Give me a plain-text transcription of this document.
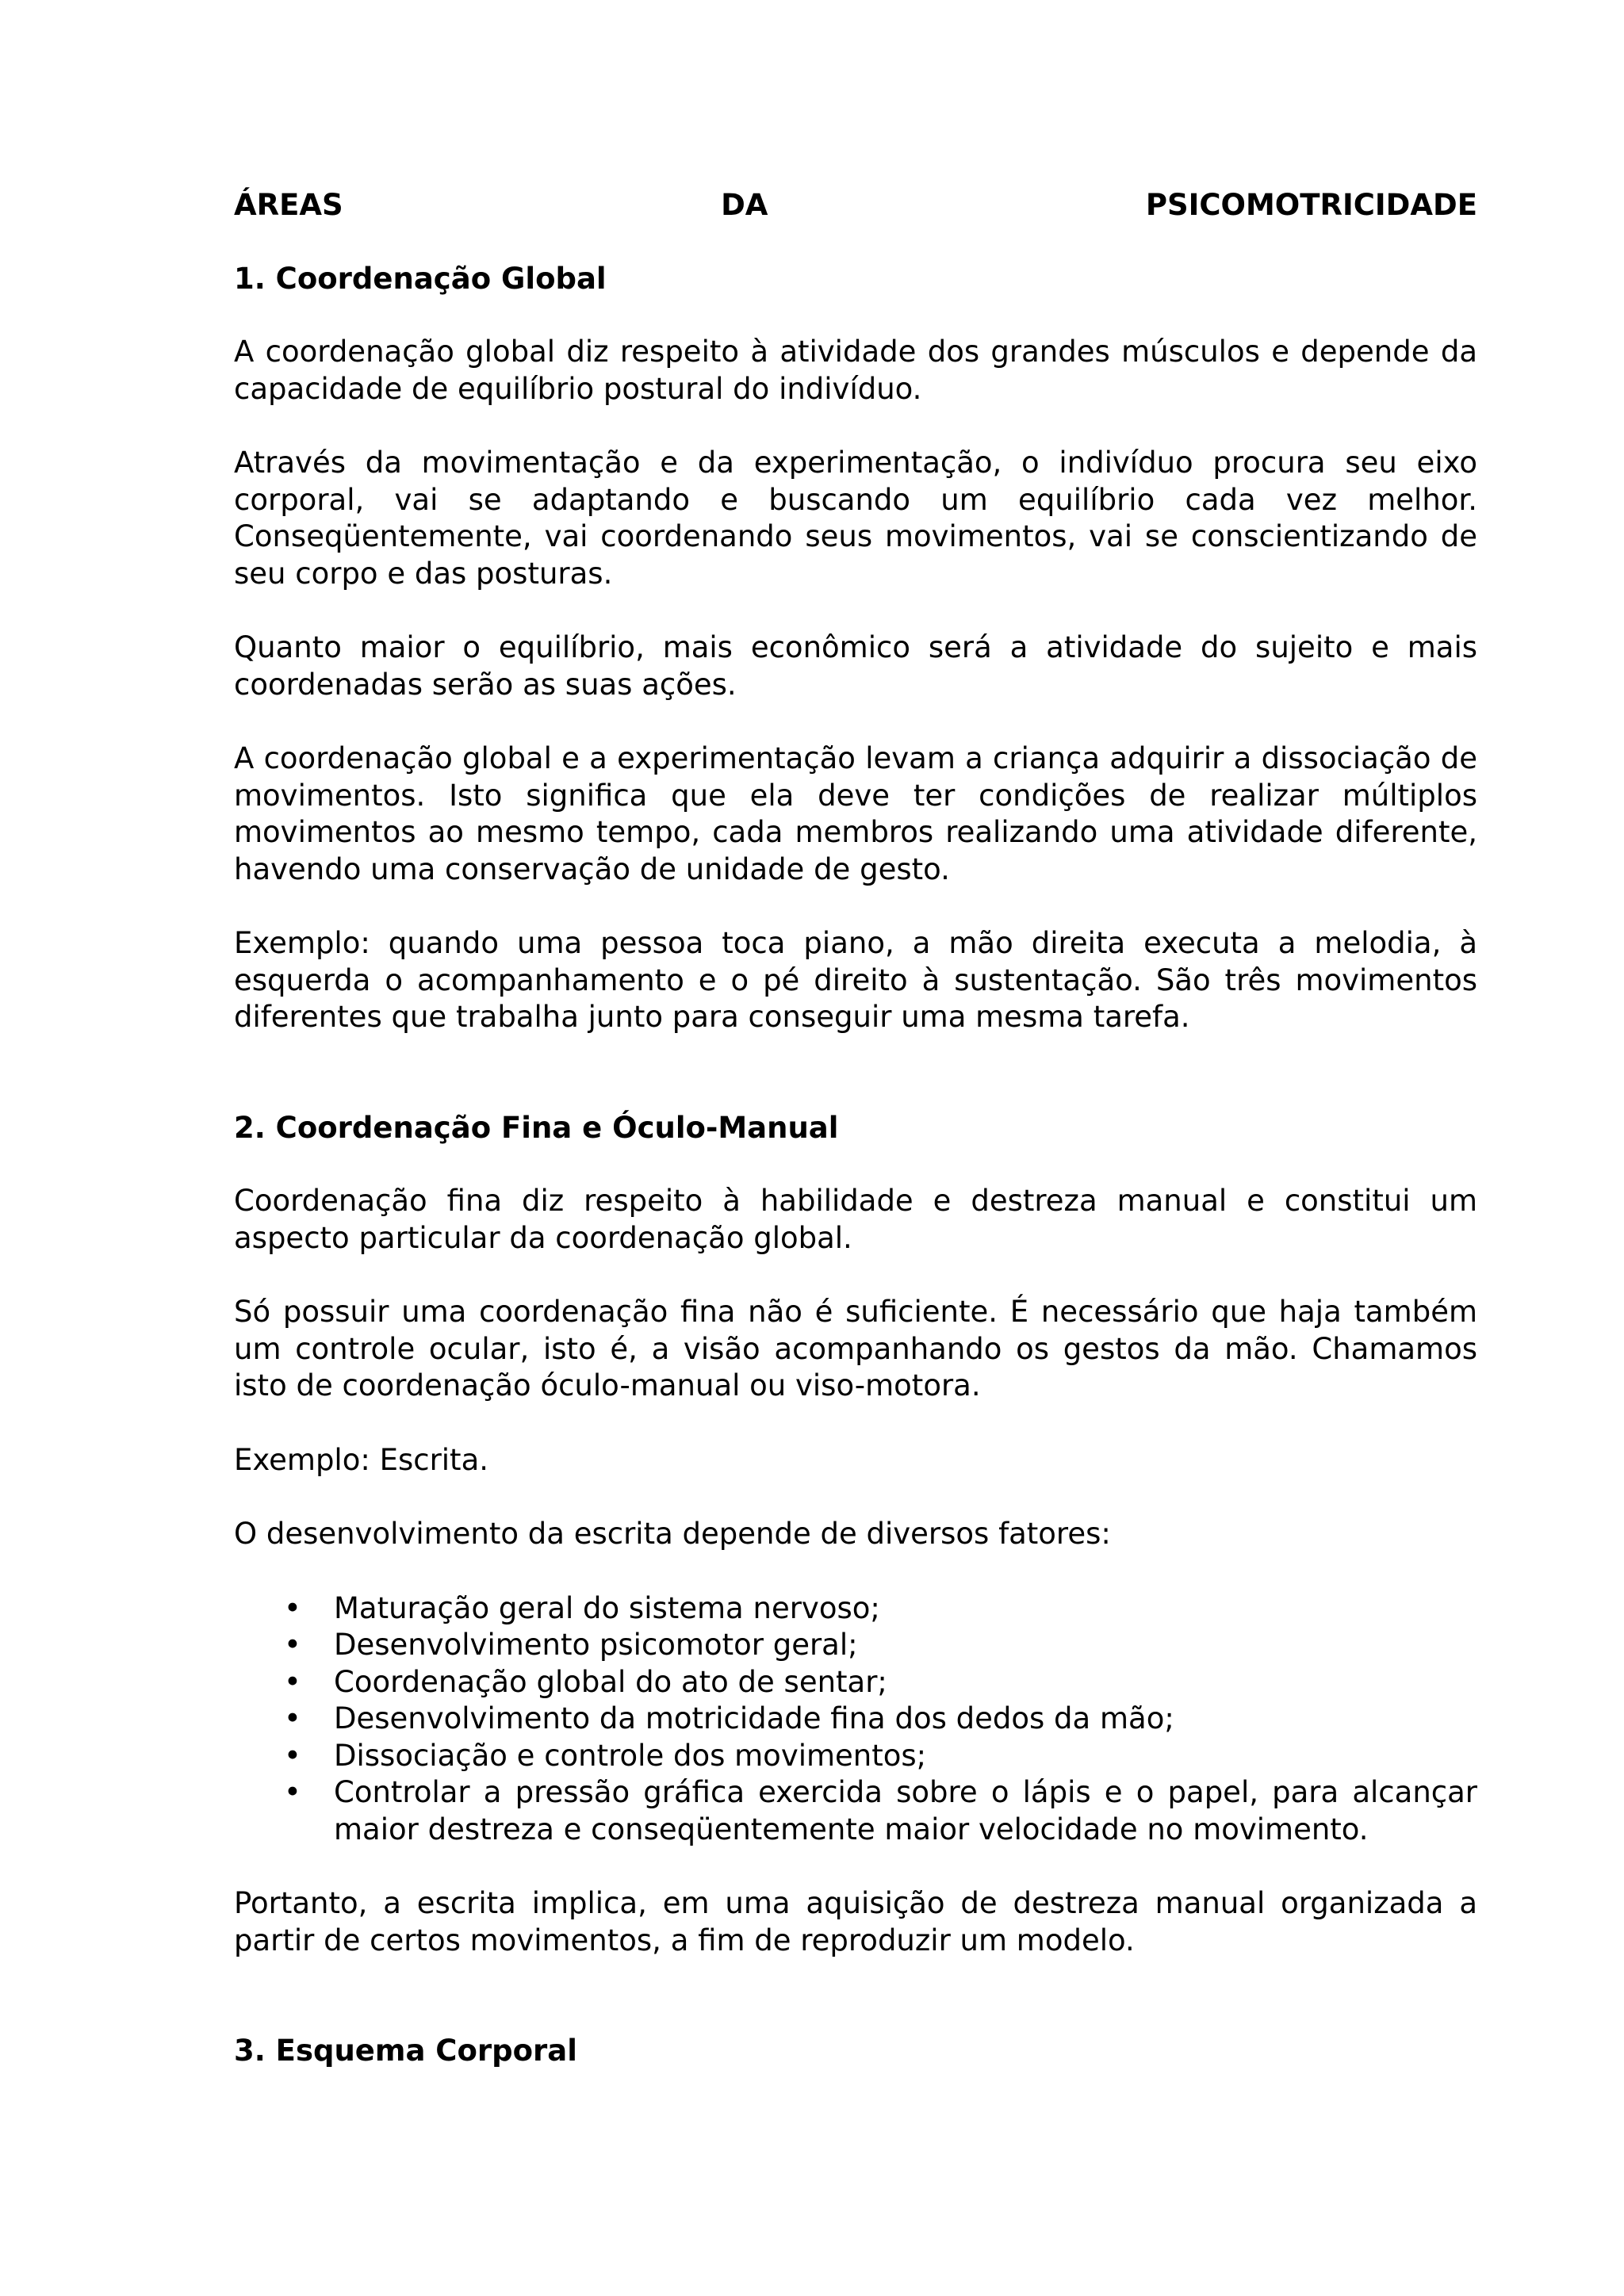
ÁREAS	DA	PSICOMOTRICIDADE
1. Coordenação Global

A coordenação global diz respeito à atividade dos grandes músculos e depende da capacidade de equilíbrio postural do indivíduo.

Através da movimentação e da experimentação, o indivíduo procura seu eixo corporal, vai se adaptando e buscando um equilíbrio cada vez melhor. Conseqüentemente, vai coordenando seus movimentos, vai se conscientizando de seu corpo e das posturas.

Quanto maior o equilíbrio, mais econômico será a atividade do sujeito e mais coordenadas serão as suas ações.

A coordenação global e a experimentação levam a criança adquirir a dissociação de movimentos. Isto significa que ela deve ter condições de realizar múltiplos movimentos ao mesmo tempo, cada membros realizando uma atividade diferente, havendo uma conservação de unidade de gesto.

Exemplo: quando uma pessoa toca piano, a mão direita executa a melodia, à esquerda o acompanhamento e o pé direito à sustentação. São três movimentos diferentes que trabalha junto para conseguir uma mesma tarefa.

2. Coordenação Fina e Óculo-Manual

Coordenação fina diz respeito à habilidade e destreza manual e constitui um aspecto particular da coordenação global.

Só possuir uma coordenação fina não é suficiente. É necessário que haja também um controle ocular, isto é, a visão acompanhando os gestos da mão. Chamamos isto de coordenação óculo-manual ou viso-motora.

Exemplo: Escrita.

O desenvolvimento da escrita depende de diversos fatores:

• Maturação geral do sistema nervoso;
• Desenvolvimento psicomotor geral;
• Coordenação global do ato de sentar;
• Desenvolvimento da motricidade fina dos dedos da mão;
• Dissociação e controle dos movimentos;
• Controlar a pressão gráfica exercida sobre o lápis e o papel, para alcançar maior destreza e conseqüentemente maior velocidade no movimento.

Portanto, a escrita implica, em uma aquisição de destreza manual organizada a partir de certos movimentos, a fim de reproduzir um modelo.

3. Esquema Corporal
